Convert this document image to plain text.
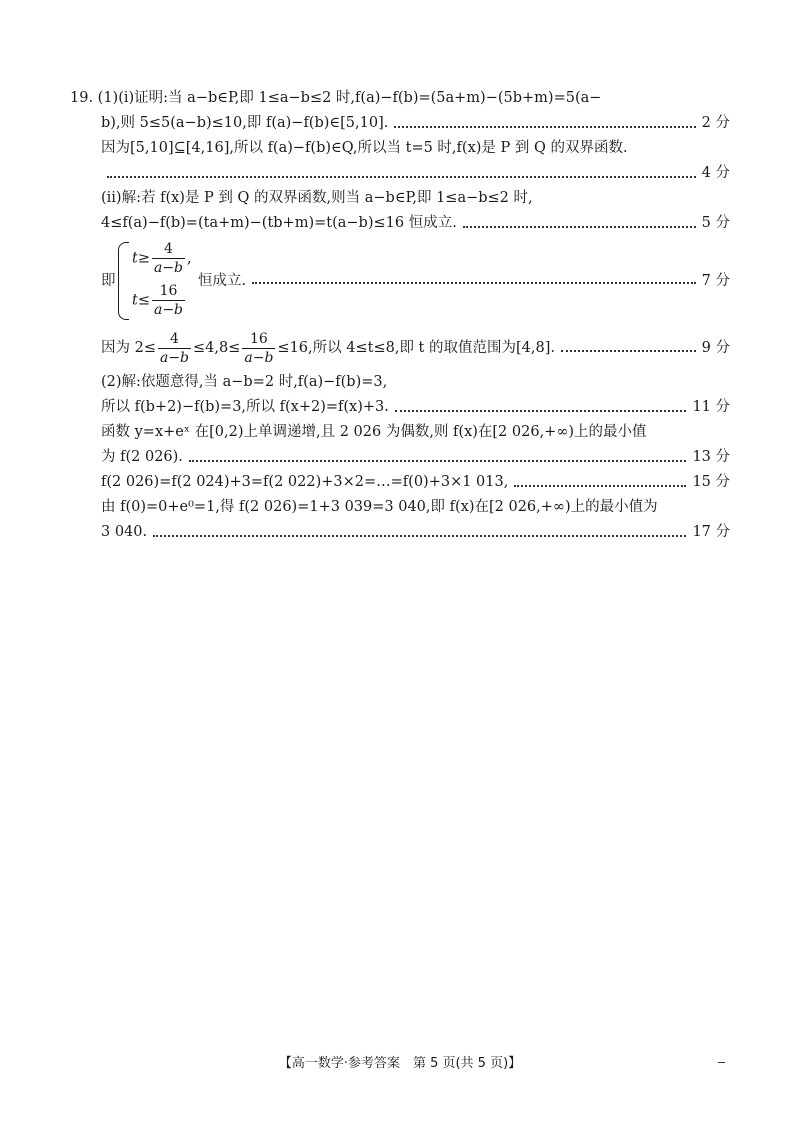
19. (1)(ⅰ)证明:当 a−b∈P,即 1≤a−b≤2 时,f(a)−f(b)=(5a+m)−(5b+m)=5(a−
b),则 5≤5(a−b)≤10,即 f(a)−f(b)∈[5,10].	2 分
因为[5,10]⊆[4,16],所以 f(a)−f(b)∈Q,所以当 t=5 时,f(x)是 P 到 Q 的双界函数.
4 分
(ⅱ)解:若 f(x)是 P 到 Q 的双界函数,则当 a−b∈P,即 1≤a−b≤2 时,
4≤f(a)−f(b)=(ta+m)−(tb+m)=t(a−b)≤16 恒成立.	5 分
即
$t\ge \frac{4}{a-b}$ ,
$t\le \frac{16}{a-b}$
恒成立.	7 分
因为 $2\le \frac{4}{a-b} \le 4,8\le \frac{16}{a-b} \le 16$,所以 4≤t≤8,即 t 的取值范围为[4,8].	9 分
(2)解:依题意得,当 a−b=2 时,f(a)−f(b)=3,
所以 f(b+2)−f(b)=3,所以 f(x+2)=f(x)+3.	11 分
函数 y=x+eˣ 在[0,2)上单调递增,且 2 026 为偶数,则 f(x)在[2 026,+∞)上的最小值
为 f(2 026).	13 分
f(2 026)=f(2 024)+3=f(2 022)+3×2=…=f(0)+3×1 013,	15 分
由 f(0)=0+e⁰=1,得 f(2 026)=1+3 039=3 040,即 f(x)在[2 026,+∞)上的最小值为
3 040.	17 分
【高一数学·参考答案　第 5 页(共 5 页)】
